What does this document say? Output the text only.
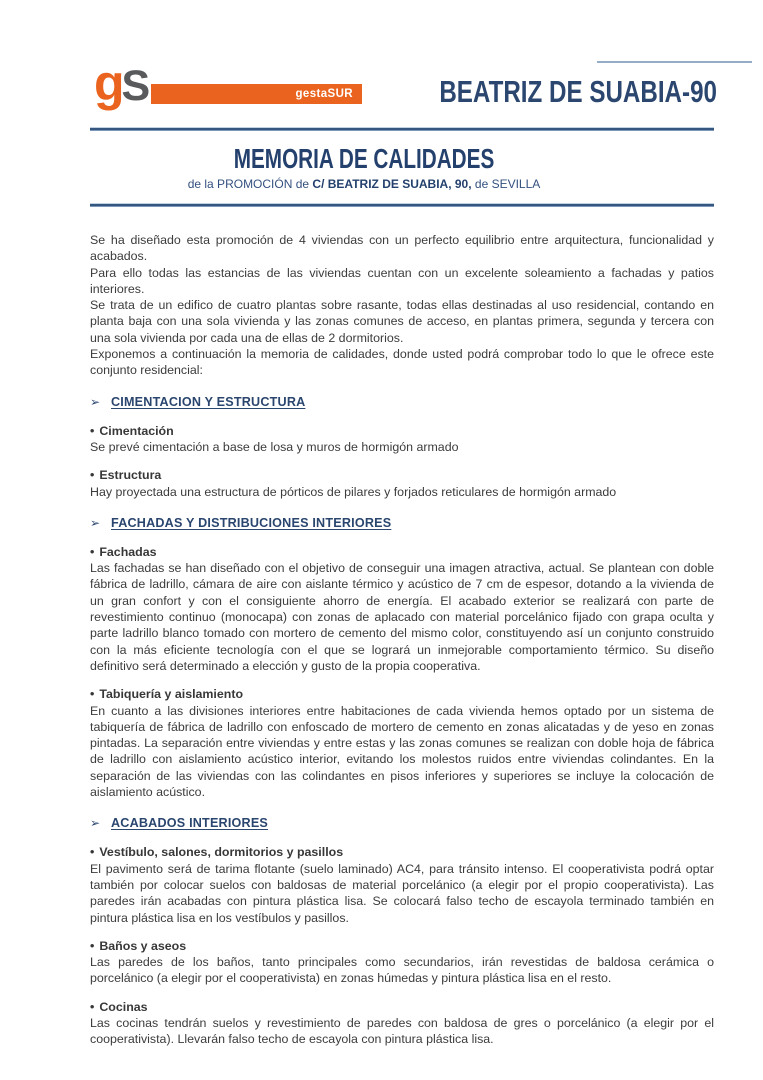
gS	gestaSUR	BEATRIZ DE SUABIA-90

MEMORIA DE CALIDADES

de la PROMOCIÓN de C/ BEATRIZ DE SUABIA, 90, de SEVILLA

Se ha diseñado esta promoción de 4 viviendas con un perfecto equilibrio entre arquitectura, funcionalidad y acabados.

Para ello todas las estancias de las viviendas cuentan con un excelente soleamiento a fachadas y patios interiores.

Se trata de un edifico de cuatro plantas sobre rasante, todas ellas destinadas al uso residencial, contando en planta baja con una sola vivienda y las zonas comunes de acceso, en plantas primera, segunda y tercera con una sola vivienda por cada una de ellas de 2 dormitorios.

Exponemos a continuación la memoria de calidades, donde usted podrá comprobar todo lo que le ofrece este conjunto residencial:

➢ CIMENTACION Y ESTRUCTURA

• Cimentación

Se prevé cimentación a base de losa y muros de hormigón armado

• Estructura

Hay proyectada una estructura de pórticos de pilares y forjados reticulares de hormigón armado

➢ FACHADAS Y DISTRIBUCIONES INTERIORES

• Fachadas

Las fachadas se han diseñado con el objetivo de conseguir una imagen atractiva, actual. Se plantean con doble fábrica de ladrillo, cámara de aire con aislante térmico y acústico de 7 cm de espesor, dotando a la vivienda de un gran confort y con el consiguiente ahorro de energía. El acabado exterior se realizará con parte de revestimiento continuo (monocapa) con zonas de aplacado con material porcelánico fijado con grapa oculta y parte ladrillo blanco tomado con mortero de cemento del mismo color, constituyendo así un conjunto construido con la más eficiente tecnología con el que se logrará un inmejorable comportamiento térmico. Su diseño definitivo será determinado a elección y gusto de la propia cooperativa.

• Tabiquería y aislamiento

En cuanto a las divisiones interiores entre habitaciones de cada vivienda hemos optado por un sistema de tabiquería de fábrica de ladrillo con enfoscado de mortero de cemento en zonas alicatadas y de yeso en zonas pintadas. La separación entre viviendas y entre estas y las zonas comunes se realizan con doble hoja de fábrica de ladrillo con aislamiento acústico interior, evitando los molestos ruidos entre viviendas colindantes. En la separación de las viviendas con las colindantes en pisos inferiores y superiores se incluye la colocación de aislamiento acústico.

➢ ACABADOS INTERIORES

• Vestíbulo, salones, dormitorios y pasillos

El pavimento será de tarima flotante (suelo laminado) AC4, para tránsito intenso. El cooperativista podrá optar también por colocar suelos con baldosas de material porcelánico (a elegir por el propio cooperativista). Las paredes irán acabadas con pintura plástica lisa. Se colocará falso techo de escayola terminado también en pintura plástica lisa en los vestíbulos y pasillos.

• Baños y aseos

Las paredes de los baños, tanto principales como secundarios, irán revestidas de baldosa cerámica o porcelánico (a elegir por el cooperativista) en zonas húmedas y pintura plástica lisa en el resto.

• Cocinas

Las cocinas tendrán suelos y revestimiento de paredes con baldosa de gres o porcelánico (a elegir por el cooperativista). Llevarán falso techo de escayola con pintura plástica lisa.
